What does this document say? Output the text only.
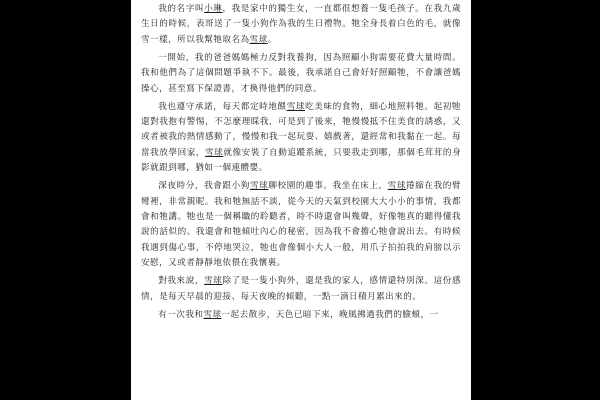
我的名字叫小琳，我是家中的獨生女，一直都很想養一隻毛孩子。在我九歲生日的時候，表哥送了一隻小狗作為我的生日禮物。牠全身長着白色的毛，就像雪一樣，所以我幫牠取名為雪球。

一開始，我的爸爸媽媽極力反對我養狗，因為照顧小狗需要花費大量時間。我和他們為了這個問題爭執不下。最後，我承諾自己會好好照顧牠，不會讓爸媽操心，甚至寫下保證書，才換得他們的同意。

我也遵守承諾，每天都定時地餵雪球吃美味的食物，細心地照料牠。起初牠還對我抱有警惕，不怎麼理睬我，可是到了後來，牠慢慢抵不住美食的誘惑，又或者被我的熱情感動了，慢慢和我一起玩耍、嬉戲著，還經常和我黏在一起。每當我放學回家，雪球就像安裝了自動追蹤系統，只要我走到哪，那個毛茸茸的身影就跟到哪，猶如一個連體嬰。

深夜時分，我會跟小狗雪球聊校園的趣事。我坐在床上，雪球捲縮在我的臂彎裡，非常親昵。我和牠無話不談，從今天的天氣到校園大大小小的事情，我都會和牠講。牠也是一個稱職的聆聽者，時不時還會叫幾聲，好像牠真的聽得懂我說的話似的。我還會和牠傾吐內心的秘密，因為我不會擔心牠會說出去。有時候我遇到傷心事，不停地哭泣，牠也會像個小大人一般，用爪子拍拍我的肩膀以示安慰，又或者靜靜地依偎在我懷裏。

對我來說，雪球除了是一隻小狗外，還是我的家人，感情還特別深。這份感情，是每天早晨的迎接、每天夜晚的傾聽，一點一滴日積月累出來的。

有一次我和雪球一起去散步，天色已暗下來，晚風拂過我們的臉頰，一
